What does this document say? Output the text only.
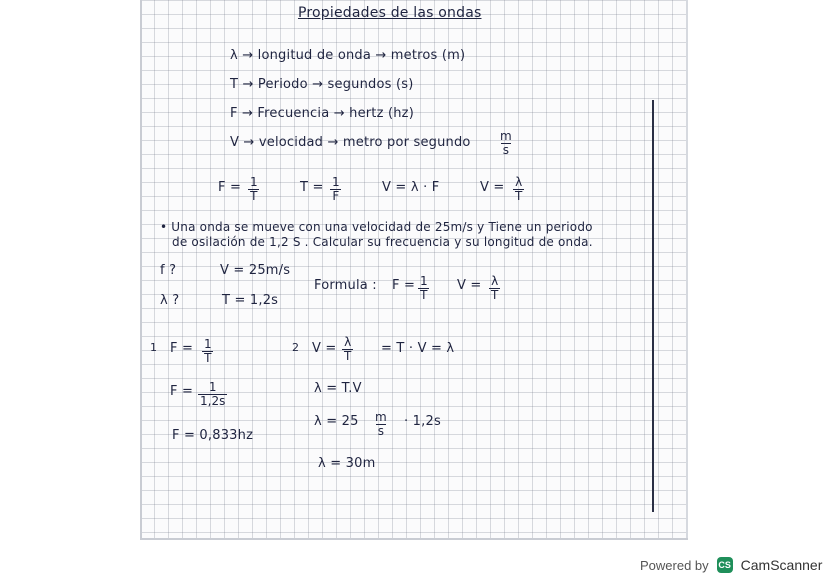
Propiedades de las ondas
λ → longitud de onda → metros (m)
T → Periodo → segundos (s)
F → Frecuencia → hertz (hz)
V → velocidad → metro por segundo $\frac{m}{s}$
$F = \frac{1}{T}$	$T = \frac{1}{F}$	V = λ · F	$V = \frac{\lambda}{T}$
• Una onda se mueve con una velocidad de 25m/s y Tiene un periodo
de osilación de 1,2 S . Calcular su frecuencia y su longitud de onda.
f ?	V = 25m/s
λ ?	T = 1,2s
Formula : $F = \frac{1}{T}$ $V = \frac{\lambda}{T}$
1 $F = \frac{1}{T}$
$F = \frac{1}{1,2s}$
F = 0,833hz
2 $V = \frac{\lambda}{T} = T \cdot V = \lambda$
λ = T.V
$\lambda = 25 \frac{m}{s} \cdot 1,2s$
λ = 30m
Powered by CS CamScanner
